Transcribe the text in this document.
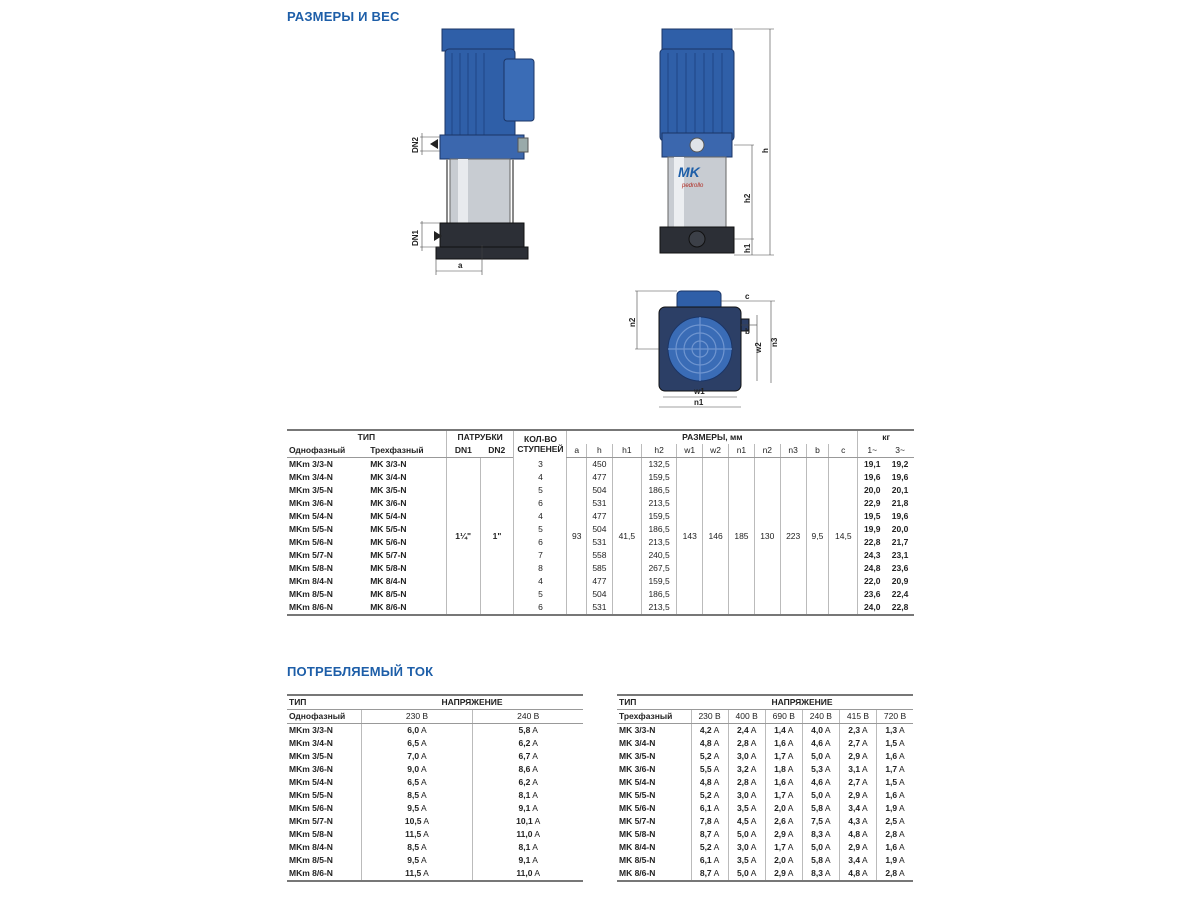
РАЗМЕРЫ И ВЕС
ПОТРЕБЛЯЕМЫЙ ТОК
DN2
DN1
a
MK
pedrollo
h
h2
h1
n2
c
b
w2 n3
w1
n1
ТИП		ПАТРУБКИ		КОЛ-ВО СТУПЕНЕЙ	РАЗМЕРЫ, мм											кг	
Однофазный	Трехфазный	DN1	DN2		a	h	h1	h2	w1	w2	n1	n2	n3	b	c	1~	3~
MKm 3/3-N	MK 3/3-N	1¼"	1"	3	93	450	41,5	132,5	143	146	185	130	223	9,5	14,5	19,1	19,2
MKm 3/4-N	MK 3/4-N			4		477		159,5								19,6	19,6
MKm 3/5-N	MK 3/5-N			5		504		186,5								20,0	20,1
MKm 3/6-N	MK 3/6-N			6		531		213,5								22,9	21,8
MKm 5/4-N	MK 5/4-N			4		477		159,5								19,5	19,6
MKm 5/5-N	MK 5/5-N			5		504		186,5								19,9	20,0
MKm 5/6-N	MK 5/6-N			6		531		213,5								22,8	21,7
MKm 5/7-N	MK 5/7-N			7		558		240,5								24,3	23,1
MKm 5/8-N	MK 5/8-N			8		585		267,5								24,8	23,6
MKm 8/4-N	MK 8/4-N			4		477		159,5								22,0	20,9
MKm 8/5-N	MK 8/5-N			5		504		186,5								23,6	22,4
MKm 8/6-N	MK 8/6-N			6		531		213,5								24,0	22,8
ТИП	НАПРЯЖЕНИЕ	
Однофазный	230 В	240 В
MKm 3/3-N	6,0 A	5,8 A
MKm 3/4-N	6,5 A	6,2 A
MKm 3/5-N	7,0 A	6,7 A
MKm 3/6-N	9,0 A	8,6 A
MKm 5/4-N	6,5 A	6,2 A
MKm 5/5-N	8,5 A	8,1 A
MKm 5/6-N	9,5 A	9,1 A
MKm 5/7-N	10,5 A	10,1 A
MKm 5/8-N	11,5 A	11,0 A
MKm 8/4-N	8,5 A	8,1 A
MKm 8/5-N	9,5 A	9,1 A
MKm 8/6-N	11,5 A	11,0 A
ТИП	НАПРЯЖЕНИЕ					
Трехфазный	230 В	400 В	690 В	240 В	415 В	720 В
MK 3/3-N	4,2 A	2,4 A	1,4 A	4,0 A	2,3 A	1,3 A
MK 3/4-N	4,8 A	2,8 A	1,6 A	4,6 A	2,7 A	1,5 A
MK 3/5-N	5,2 A	3,0 A	1,7 A	5,0 A	2,9 A	1,6 A
MK 3/6-N	5,5 A	3,2 A	1,8 A	5,3 A	3,1 A	1,7 A
MK 5/4-N	4,8 A	2,8 A	1,6 A	4,6 A	2,7 A	1,5 A
MK 5/5-N	5,2 A	3,0 A	1,7 A	5,0 A	2,9 A	1,6 A
MK 5/6-N	6,1 A	3,5 A	2,0 A	5,8 A	3,4 A	1,9 A
MK 5/7-N	7,8 A	4,5 A	2,6 A	7,5 A	4,3 A	2,5 A
MK 5/8-N	8,7 A	5,0 A	2,9 A	8,3 A	4,8 A	2,8 A
MK 8/4-N	5,2 A	3,0 A	1,7 A	5,0 A	2,9 A	1,6 A
MK 8/5-N	6,1 A	3,5 A	2,0 A	5,8 A	3,4 A	1,9 A
MK 8/6-N	8,7 A	5,0 A	2,9 A	8,3 A	4,8 A	2,8 A
